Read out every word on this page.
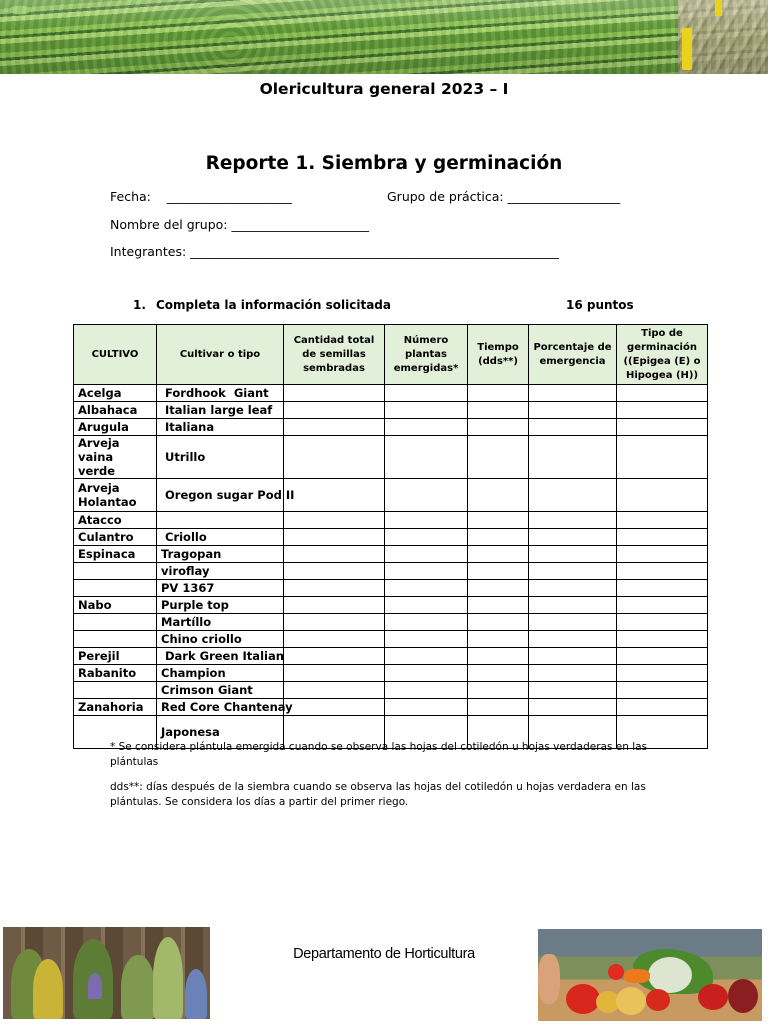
Olericultura general 2023 – I
Reporte 1. Siembra y germinación
Fecha:    ____________________	Grupo de práctica: __________________
Nombre del grupo: ______________________
Integrantes: ___________________________________________________________
1. Completa la información solicitada	16 puntos
CULTIVO	Cultivar o tipo	Cantidad total de semillas sembradas	Número plantas emergidas*	Tiempo (dds**)	Porcentaje de emergencia	Tipo de germinación ((Epigea (E) o Hipogea (H))
Acelga	Fordhook  Giant					
Albahaca	Italian large leaf					
Arugula	Italiana					
Arveja vaina verde	Utrillo					
Arveja Holantao	Oregon sugar Pod II					
Atacco						
Culantro	Criollo					
Espinaca	Tragopan					
	viroflay					
	PV 1367					
Nabo	Purple top					
	Martíllo					
	Chino criollo					
Perejil	Dark Green Italian					
Rabanito	Champion					
	Crimson Giant					
Zanahoria	Red Core Chantenay					
	Japonesa					
* Se considera plántula emergida cuando se observa las hojas del cotiledón u hojas verdaderas en las plántulas
dds**: días después de la siembra cuando se observa las hojas del cotiledón u hojas verdadera en las plántulas. Se considera los días a partir del primer riego.
Departamento de Horticultura
